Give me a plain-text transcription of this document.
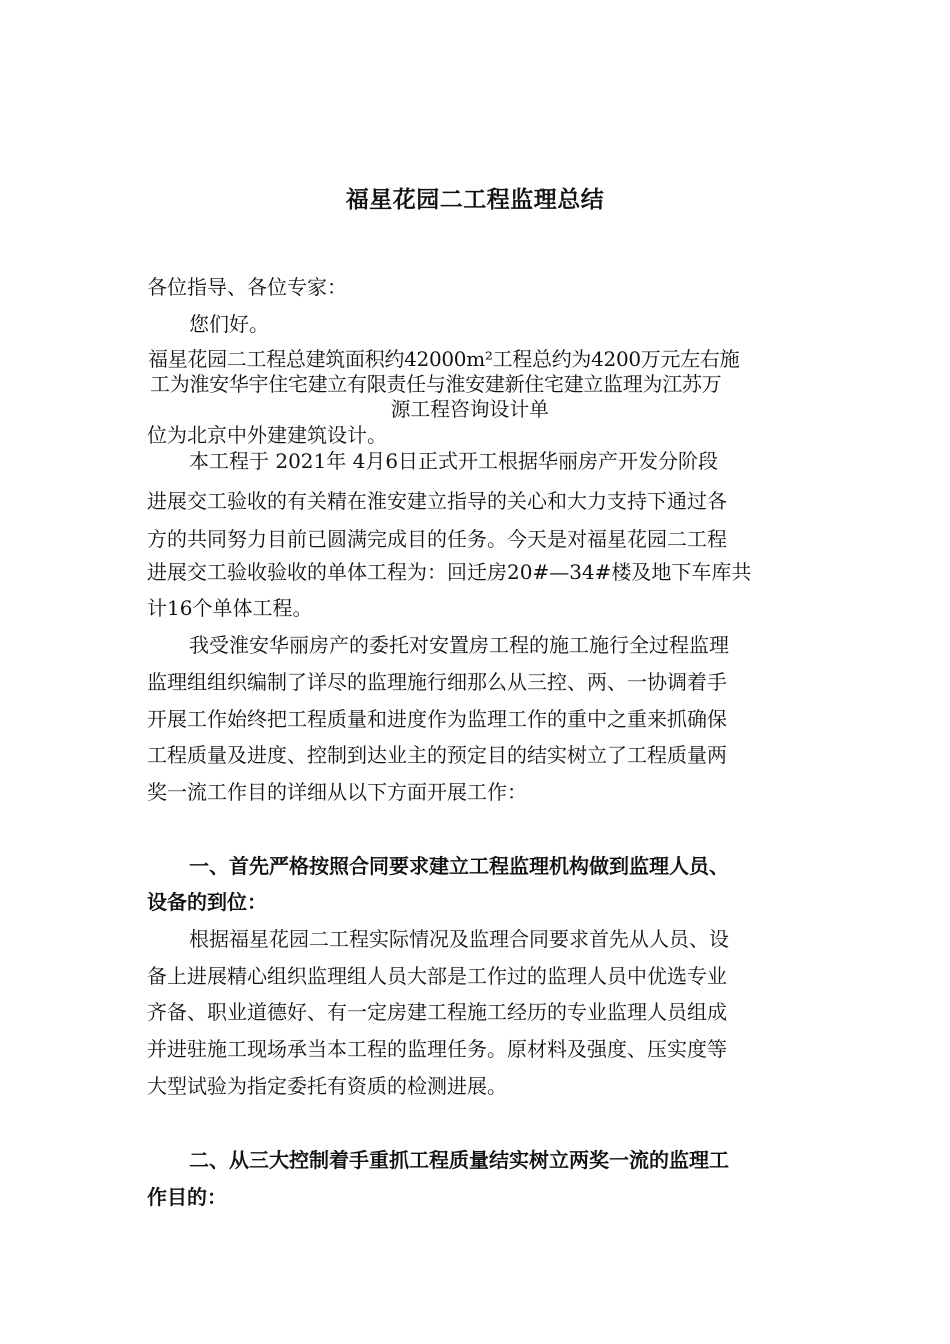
福星花园二工程监理总结
各位指导、各位专家：
您们好。
福星花园二工程总建筑面积约42000m²工程总约为4200万元左右施
工为淮安华宇住宅建立有限责任与淮安建新住宅建立监理为江苏万
源工程咨询设计单
位为北京中外建建筑设计。
本工程于 2021年 4月6日正式开工根据华丽房产开发分阶段
进展交工验收的有关精在淮安建立指导的关心和大力支持下通过各
方的共同努力目前已圆满完成目的任务。今天是对福星花园二工程
进展交工验收验收的单体工程为：回迁房20#—34#楼及地下车库共
计16个单体工程。
我受淮安华丽房产的委托对安置房工程的施工施行全过程监理
监理组组织编制了详尽的监理施行细那么从三控、两、一协调着手
开展工作始终把工程质量和进度作为监理工作的重中之重来抓确保
工程质量及进度、控制到达业主的预定目的结实树立了工程质量两
奖一流工作目的详细从以下方面开展工作：
一、首先严格按照合同要求建立工程监理机构做到监理人员、
设备的到位：
根据福星花园二工程实际情况及监理合同要求首先从人员、设
备上进展精心组织监理组人员大部是工作过的监理人员中优选专业
齐备、职业道德好、有一定房建工程施工经历的专业监理人员组成
并进驻施工现场承当本工程的监理任务。原材料及强度、压实度等
大型试验为指定委托有资质的检测进展。
二、从三大控制着手重抓工程质量结实树立两奖一流的监理工
作目的：
